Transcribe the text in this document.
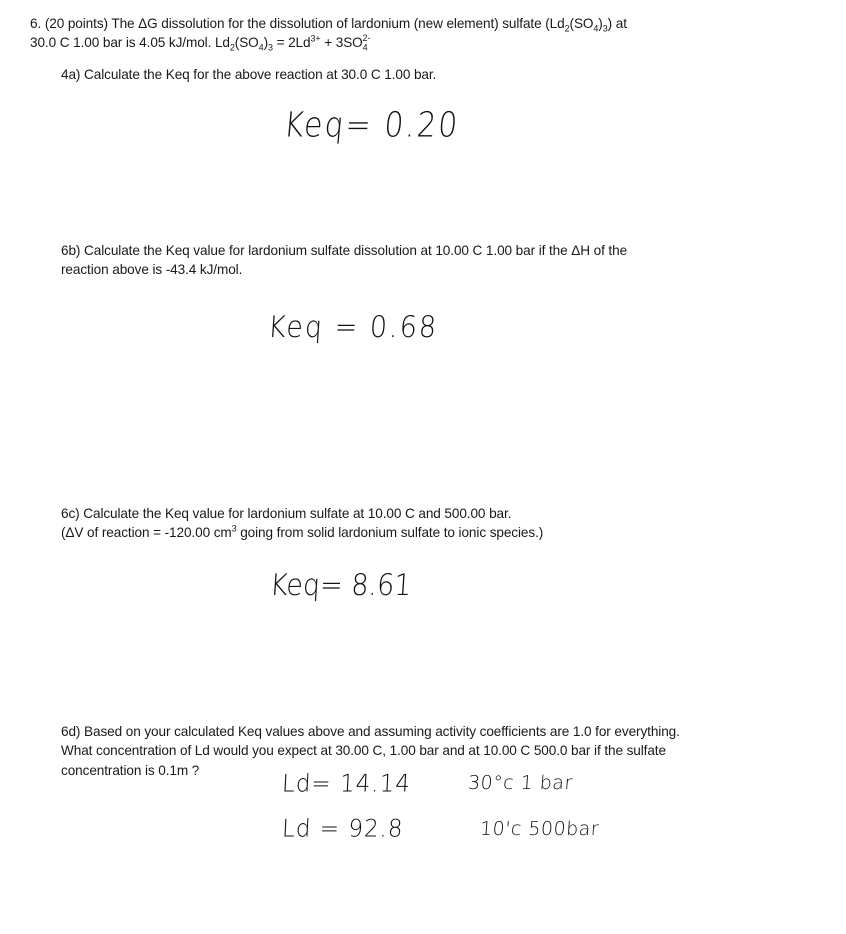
6. (20 points) The ΔG dissolution for the dissolution of lardonium (new element) sulfate $(Ld_2(SO_4)_3)$ at
30.0 C 1.00 bar is 4.05 kJ/mol. $Ld_2(SO_4)_3 = 2Ld^{3+} + 3SO_4^{2-}$
4a) Calculate the Keq for the above reaction at 30.0 C 1.00 bar.
Keq= 0.20
6b) Calculate the Keq value for lardonium sulfate dissolution at 10.00 C 1.00 bar if the ΔH of the
reaction above is -43.4 kJ/mol.
Keq = 0.68
6c) Calculate the Keq value for lardonium sulfate at 10.00 C and 500.00 bar.
(ΔV of reaction = -120.00 $cm^3$ going from solid lardonium sulfate to ionic species.)
Keq= 8.61
6d) Based on your calculated Keq values above and assuming activity coefficients are 1.0 for everything.
What concentration of Ld would you expect at 30.00 C, 1.00 bar and at 10.00 C 500.0 bar if the sulfate
concentration is 0.1m ?	Ld= 14.14	30°c 1 bar
Ld = 92.8	10'c 500bar
